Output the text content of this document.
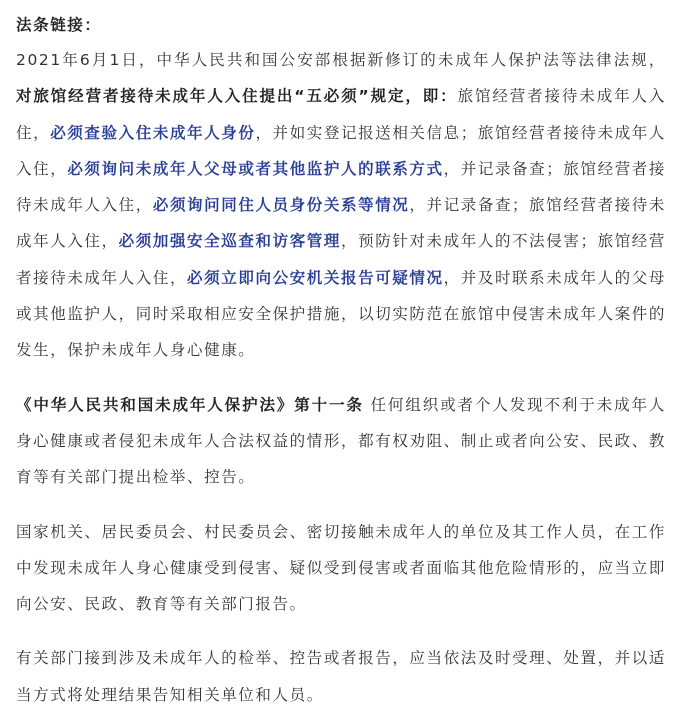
法条链接：

2021年6月1日，中华人民共和国公安部根据新修订的未成年人保护法等法律法规，对旅馆经营者接待未成年人入住提出“五必须”规定，即：旅馆经营者接待未成年人入住，必须查验入住未成年人身份，并如实登记报送相关信息；旅馆经营者接待未成年人入住，必须询问未成年人父母或者其他监护人的联系方式，并记录备查；旅馆经营者接待未成年人入住，必须询问同住人员身份关系等情况，并记录备查；旅馆经营者接待未成年人入住，必须加强安全巡查和访客管理，预防针对未成年人的不法侵害；旅馆经营者接待未成年人入住，必须立即向公安机关报告可疑情况，并及时联系未成年人的父母或其他监护人，同时采取相应安全保护措施，以切实防范在旅馆中侵害未成年人案件的发生，保护未成年人身心健康。

《中华人民共和国未成年人保护法》第十一条 任何组织或者个人发现不利于未成年人身心健康或者侵犯未成年人合法权益的情形，都有权劝阻、制止或者向公安、民政、教育等有关部门提出检举、控告。

国家机关、居民委员会、村民委员会、密切接触未成年人的单位及其工作人员，在工作中发现未成年人身心健康受到侵害、疑似受到侵害或者面临其他危险情形的，应当立即向公安、民政、教育等有关部门报告。

有关部门接到涉及未成年人的检举、控告或者报告，应当依法及时受理、处置，并以适当方式将处理结果告知相关单位和人员。
